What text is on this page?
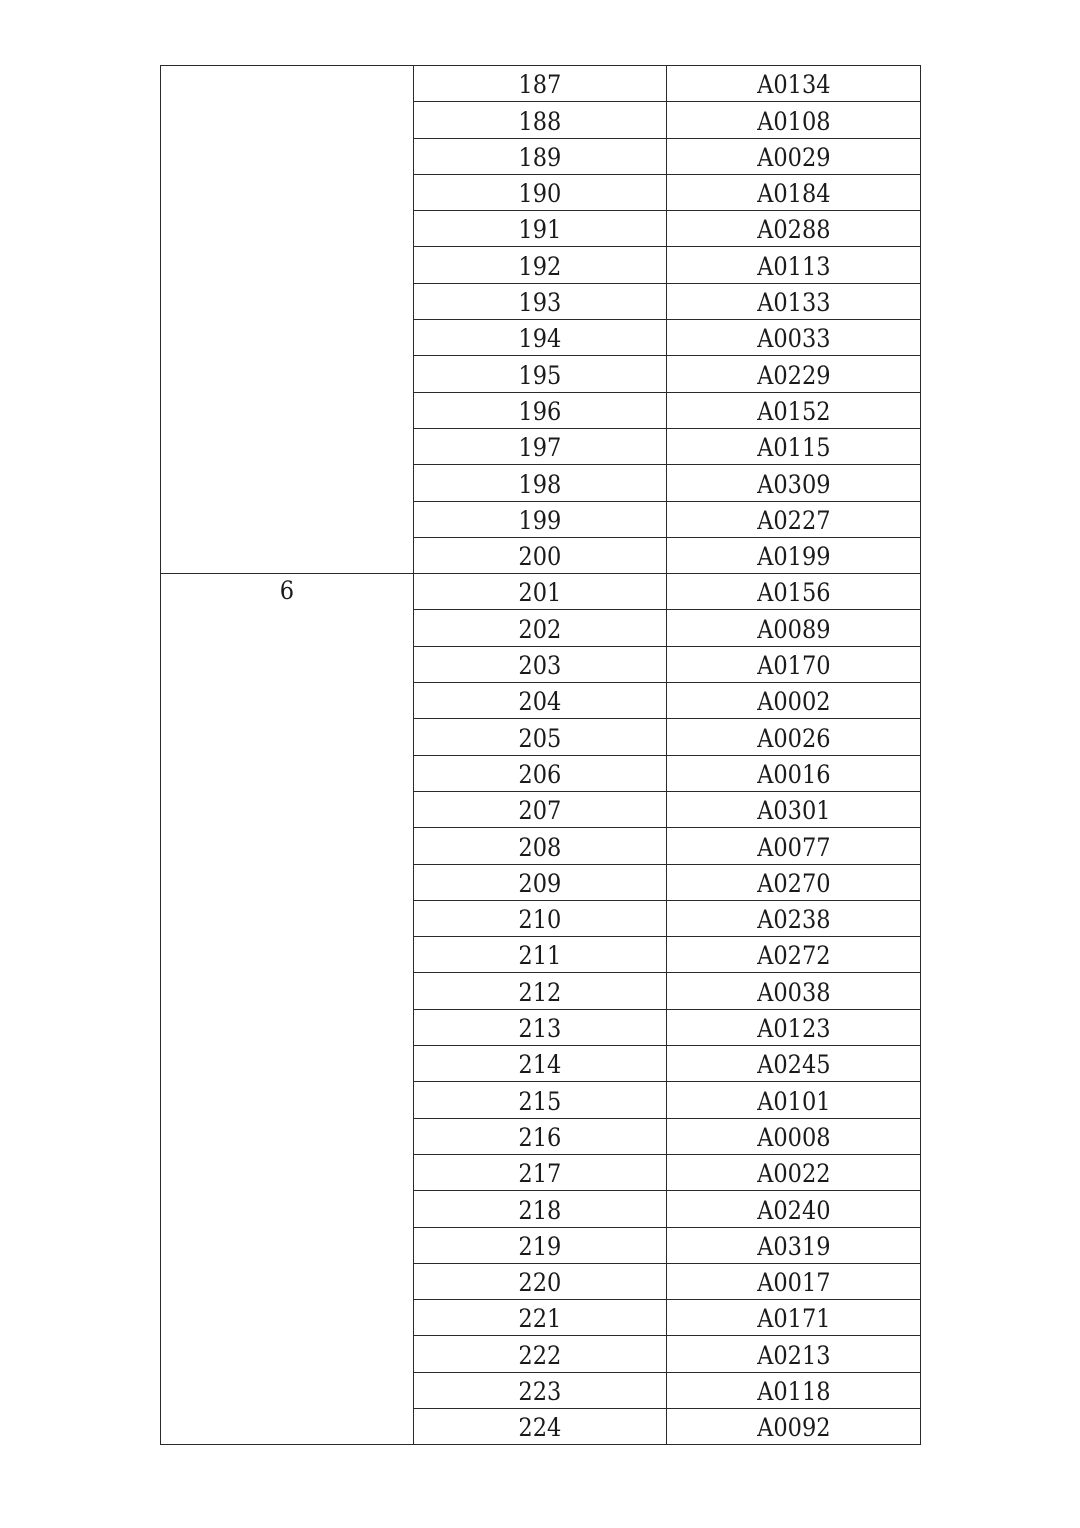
	187	A0134
	188	A0108
	189	A0029
	190	A0184
	191	A0288
	192	A0113
	193	A0133
	194	A0033
	195	A0229
	196	A0152
	197	A0115
	198	A0309
	199	A0227
	200	A0199
6	201	A0156
	202	A0089
	203	A0170
	204	A0002
	205	A0026
	206	A0016
	207	A0301
	208	A0077
	209	A0270
	210	A0238
	211	A0272
	212	A0038
	213	A0123
	214	A0245
	215	A0101
	216	A0008
	217	A0022
	218	A0240
	219	A0319
	220	A0017
	221	A0171
	222	A0213
	223	A0118
	224	A0092
